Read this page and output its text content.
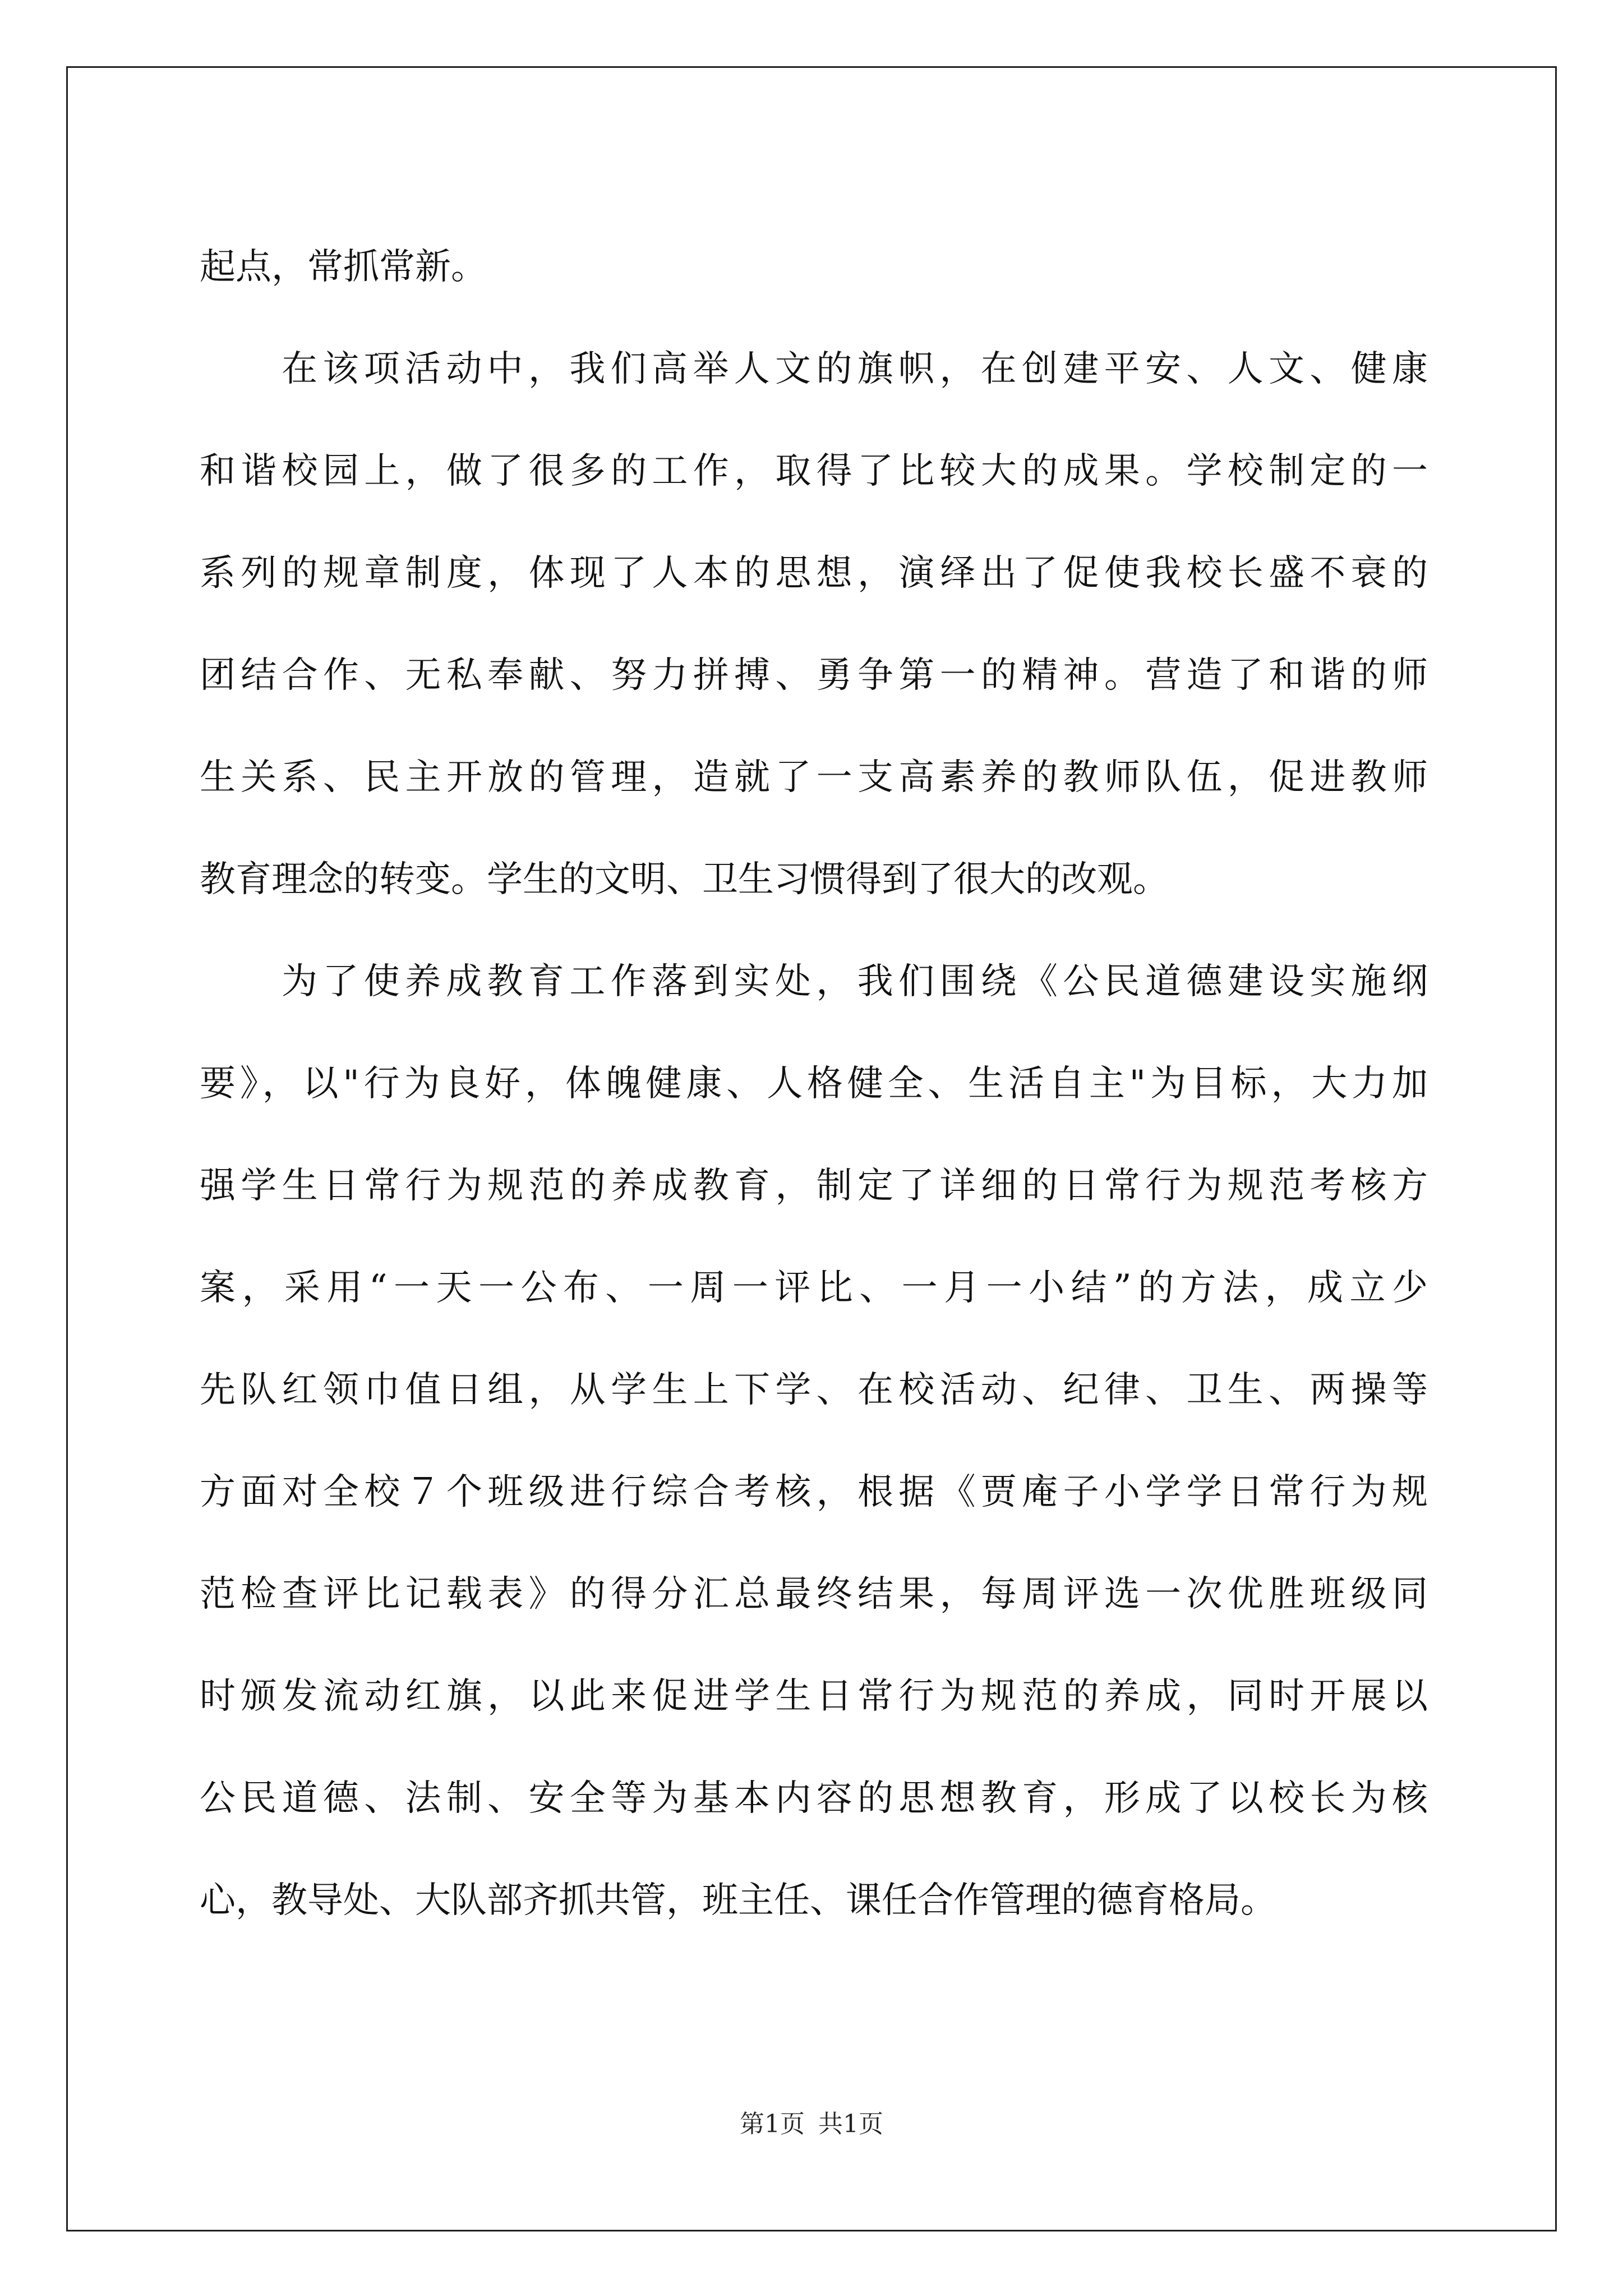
起点，常抓常新。
在该项活动中，我们高举人文的旗帜，在创建平安、人文、健康
和谐校园上，做了很多的工作，取得了比较大的成果。学校制定的一
系列的规章制度，体现了人本的思想，演绎出了促使我校长盛不衰的
团结合作、无私奉献、努力拼搏、勇争第一的精神。营造了和谐的师
生关系、民主开放的管理，造就了一支高素养的教师队伍，促进教师
教育理念的转变。学生的文明、卫生习惯得到了很大的改观。
为了使养成教育工作落到实处，我们围绕《公民道德建设实施纲
要》，以"行为良好，体魄健康、人格健全、生活自主"为目标，大力加
强学生日常行为规范的养成教育，制定了详细的日常行为规范考核方
案，采用“一天一公布、一周一评比、一月一小结”的方法，成立少
先队红领巾值日组，从学生上下学、在校活动、纪律、卫生、两操等
方面对全校７个班级进行综合考核，根据《贾庵子小学学日常行为规
范检查评比记载表》的得分汇总最终结果，每周评选一次优胜班级同
时颁发流动红旗，以此来促进学生日常行为规范的养成，同时开展以
公民道德、法制、安全等为基本内容的思想教育，形成了以校长为核
心，教导处、大队部齐抓共管，班主任、课任合作管理的德育格局。
第1页 共1页
